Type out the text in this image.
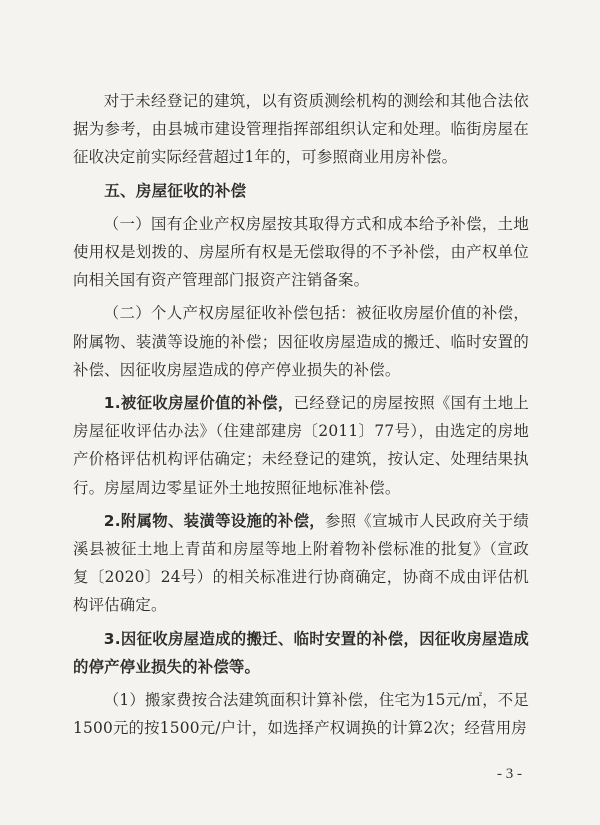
对于未经登记的建筑，以有资质测绘机构的测绘和其他合法依据为参考，由县城市建设管理指挥部组织认定和处理。临街房屋在征收决定前实际经营超过1年的，可参照商业用房补偿。

五、房屋征收的补偿

（一）国有企业产权房屋按其取得方式和成本给予补偿，土地使用权是划拨的、房屋所有权是无偿取得的不予补偿，由产权单位向相关国有资产管理部门报资产注销备案。

（二）个人产权房屋征收补偿包括：被征收房屋价值的补偿，附属物、装潢等设施的补偿；因征收房屋造成的搬迁、临时安置的补偿、因征收房屋造成的停产停业损失的补偿。

1.被征收房屋价值的补偿，已经登记的房屋按照《国有土地上房屋征收评估办法》（住建部建房〔2011〕77号），由选定的房地产价格评估机构评估确定；未经登记的建筑，按认定、处理结果执行。房屋周边零星证外土地按照征地标准补偿。

2.附属物、装潢等设施的补偿，参照《宣城市人民政府关于绩溪县被征土地上青苗和房屋等地上附着物补偿标准的批复》（宣政复〔2020〕24号）的相关标准进行协商确定，协商不成由评估机构评估确定。

3.因征收房屋造成的搬迁、临时安置的补偿，因征收房屋造成的停产停业损失的补偿等。

（1）搬家费按合法建筑面积计算补偿，住宅为15元/㎡，不足1500元的按1500元/户计，如选择产权调换的计算2次；经营用房

- 3 -
